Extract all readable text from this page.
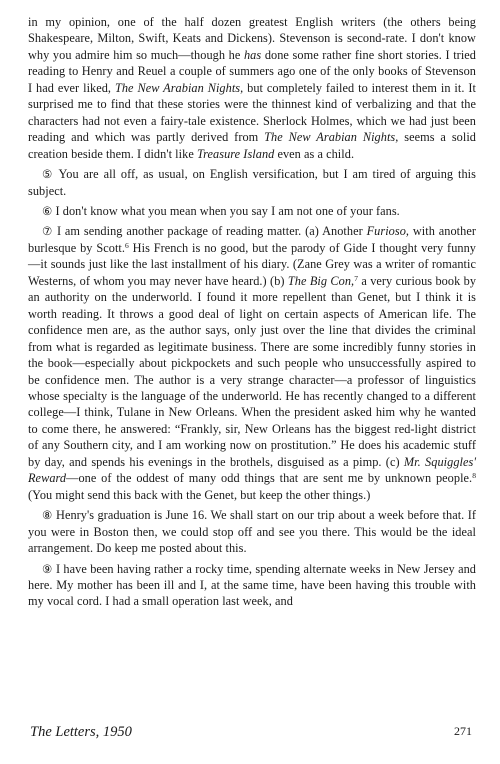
in my opinion, one of the half dozen greatest English writers (the others being Shakespeare, Milton, Swift, Keats and Dickens). Stevenson is second-rate. I don't know why you admire him so much—though he has done some rather fine short stories. I tried reading to Henry and Reuel a couple of summers ago one of the only books of Stevenson I had ever liked, The New Arabian Nights, but completely failed to interest them in it. It surprised me to find that these stories were the thinnest kind of verbalizing and that the characters had not even a fairy-tale existence. Sherlock Holmes, which we had just been reading and which was partly derived from The New Arabian Nights, seems a solid creation beside them. I didn't like Treasure Island even as a child.

⑤ You are all off, as usual, on English versification, but I am tired of arguing this subject.

⑥ I don't know what you mean when you say I am not one of your fans.

⑦ I am sending another package of reading matter. (a) Another Furioso, with another burlesque by Scott.$^6$ His French is no good, but the parody of Gide I thought very funny—it sounds just like the last installment of his diary. (Zane Grey was a writer of romantic Westerns, of whom you may never have heard.) (b) The Big Con,$^7$ a very curious book by an authority on the underworld. I found it more repellent than Genet, but I think it is worth reading. It throws a good deal of light on certain aspects of American life. The confidence men are, as the author says, only just over the line that divides the criminal from what is regarded as legitimate business. There are some incredibly funny stories in the book—especially about pickpockets and such people who unsuccessfully aspired to be confidence men. The author is a very strange character—a professor of linguistics whose specialty is the language of the underworld. He has recently changed to a different college—I think, Tulane in New Orleans. When the president asked him why he wanted to come there, he answered: “Frankly, sir, New Orleans has the biggest red-light district of any Southern city, and I am working now on prostitution.” He does his academic stuff by day, and spends his evenings in the brothels, disguised as a pimp. (c) Mr. Squiggles' Reward—one of the oddest of many odd things that are sent me by unknown people.$^8$ (You might send this back with the Genet, but keep the other things.)

⑧ Henry's graduation is June 16. We shall start on our trip about a week before that. If you were in Boston then, we could stop off and see you there. This would be the ideal arrangement. Do keep me posted about this.

⑨ I have been having rather a rocky time, spending alternate weeks in New Jersey and here. My mother has been ill and I, at the same time, have been having this trouble with my vocal cord. I had a small operation last week, and

The Letters, 1950	271
